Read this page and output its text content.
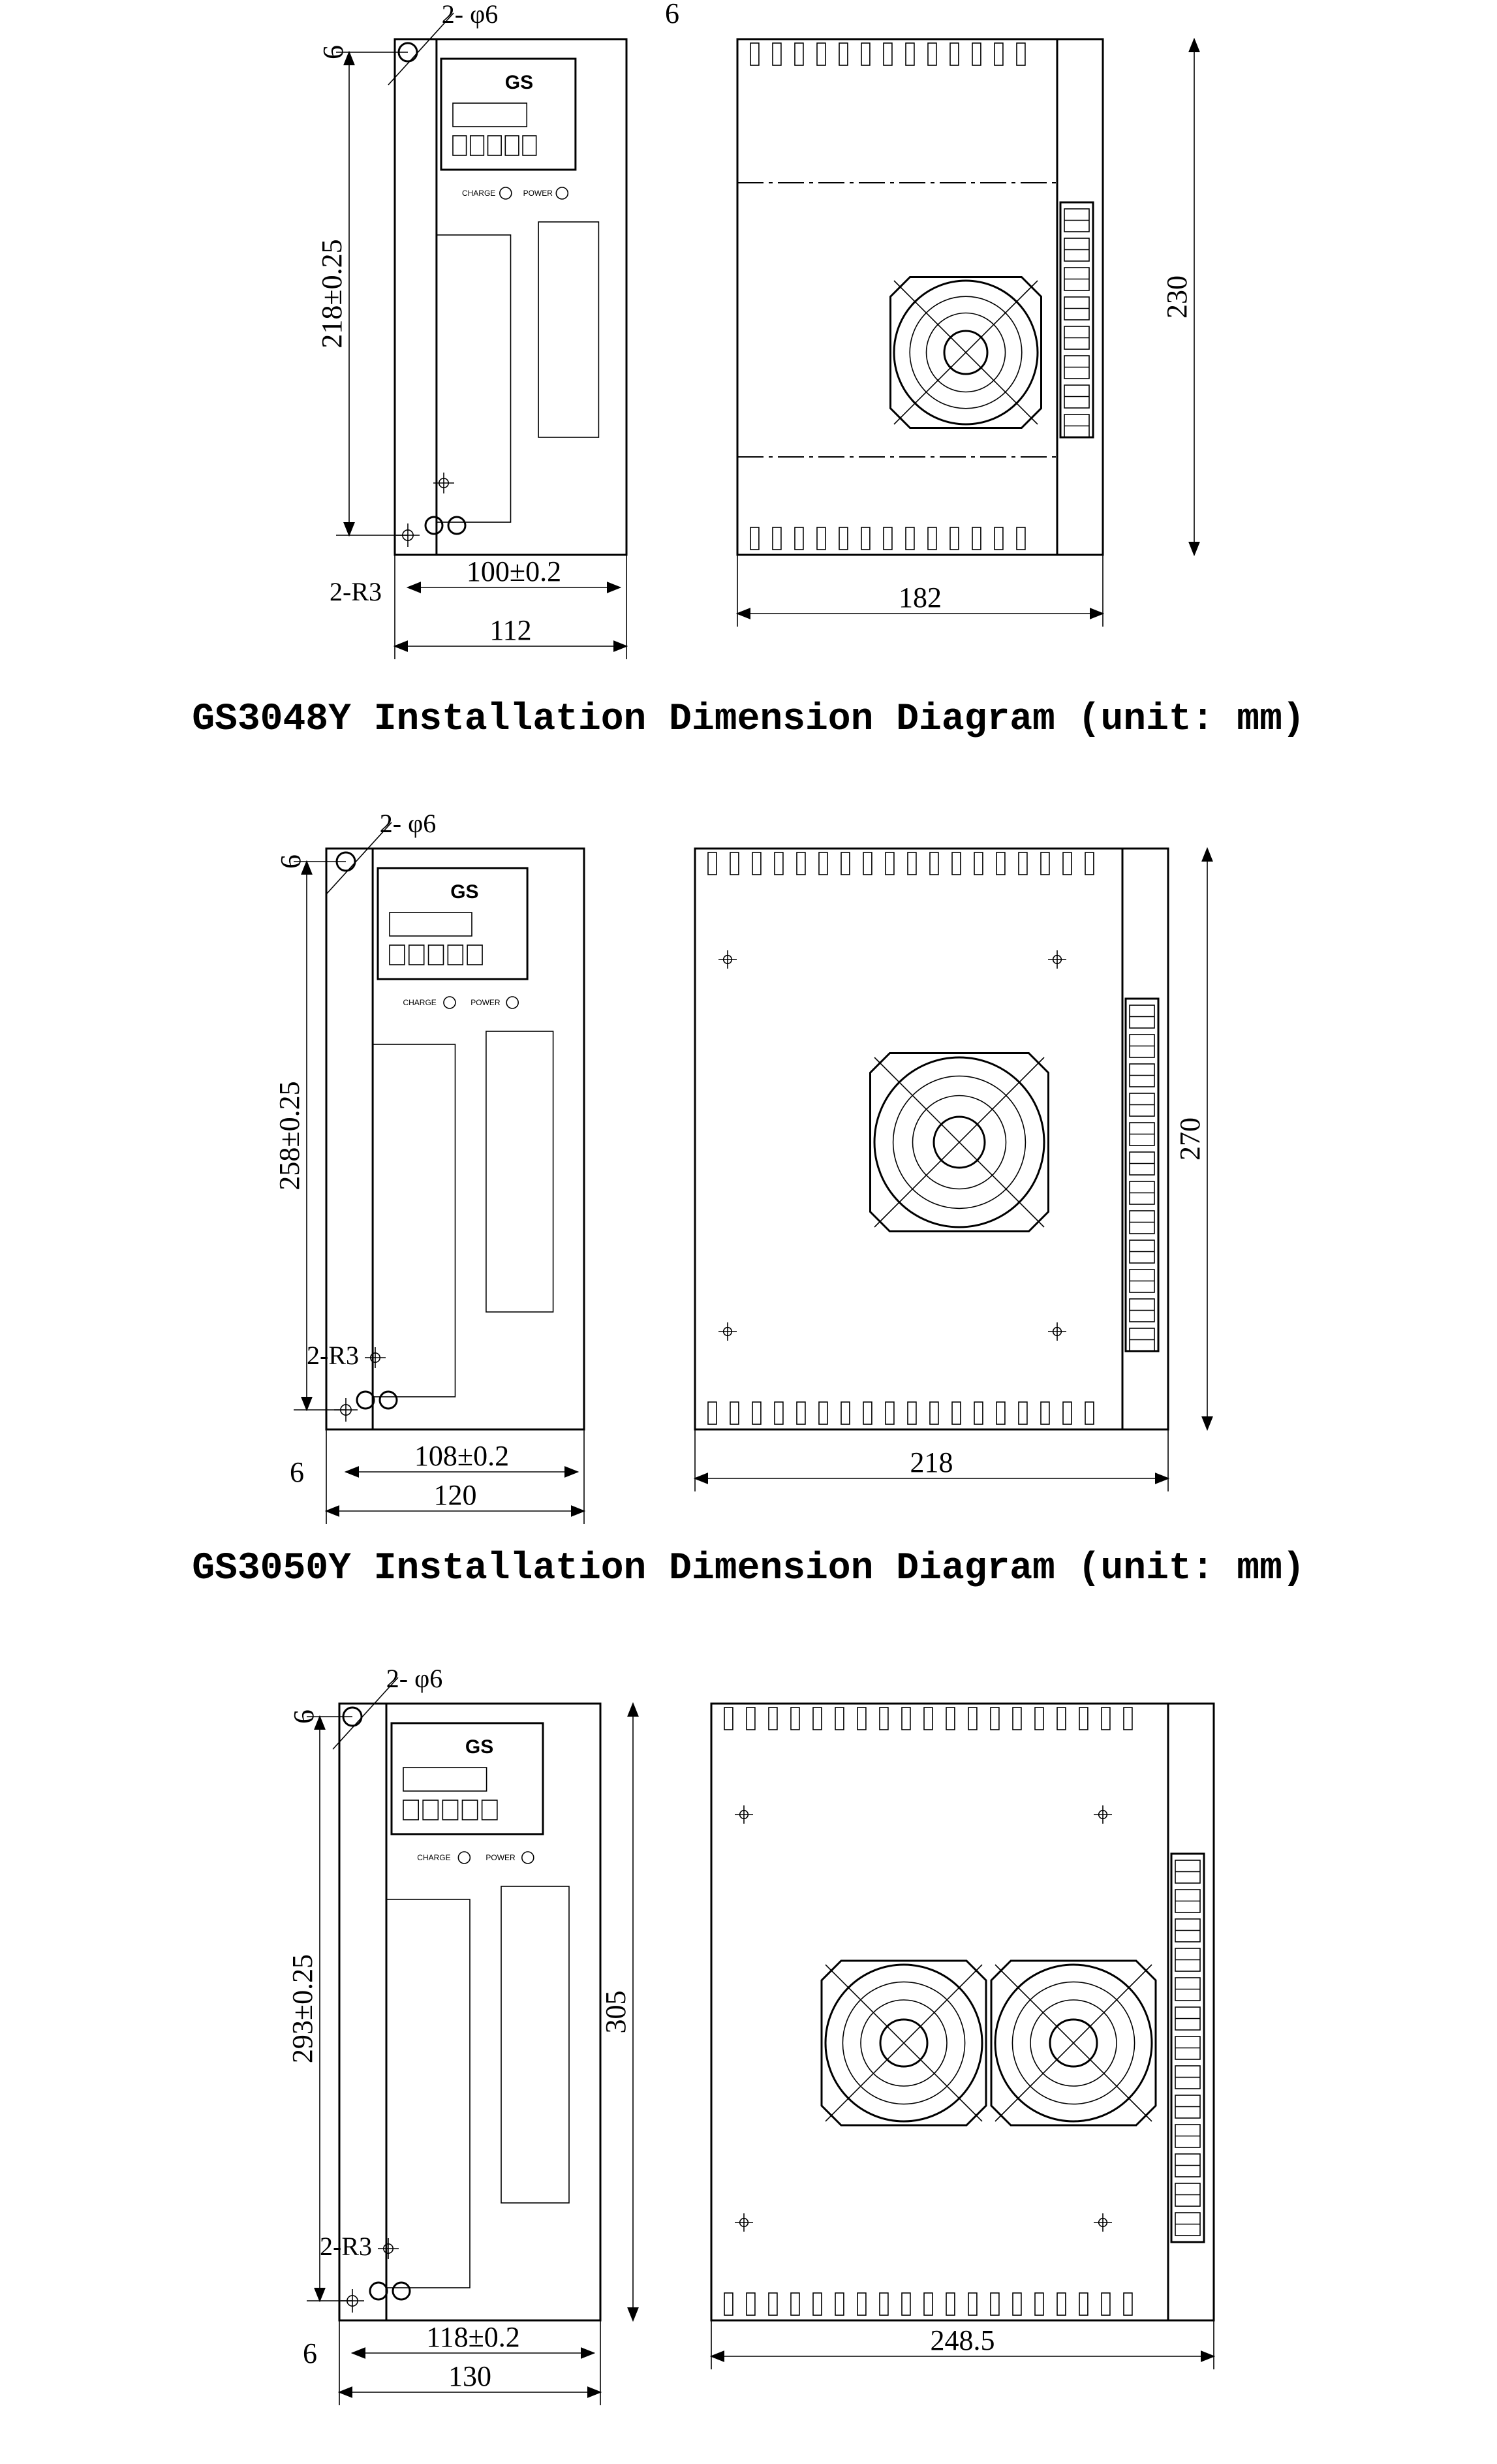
GS
CHARGE	POWER
2- φ6
6
6
218±0.25
2-R3
100±0.2
112
182
230
GS
CHARGE	POWER
2- φ6
6
258±0.25
2-R3
108±0.2
120
6	218
270
GS
CHARGE	POWER
2- φ6
6
293±0.25
2-R3
118±0.2
130
6
305
248.5
GS3048Y Installation Dimension Diagram (unit: mm)
GS3050Y Installation Dimension Diagram (unit: mm)
